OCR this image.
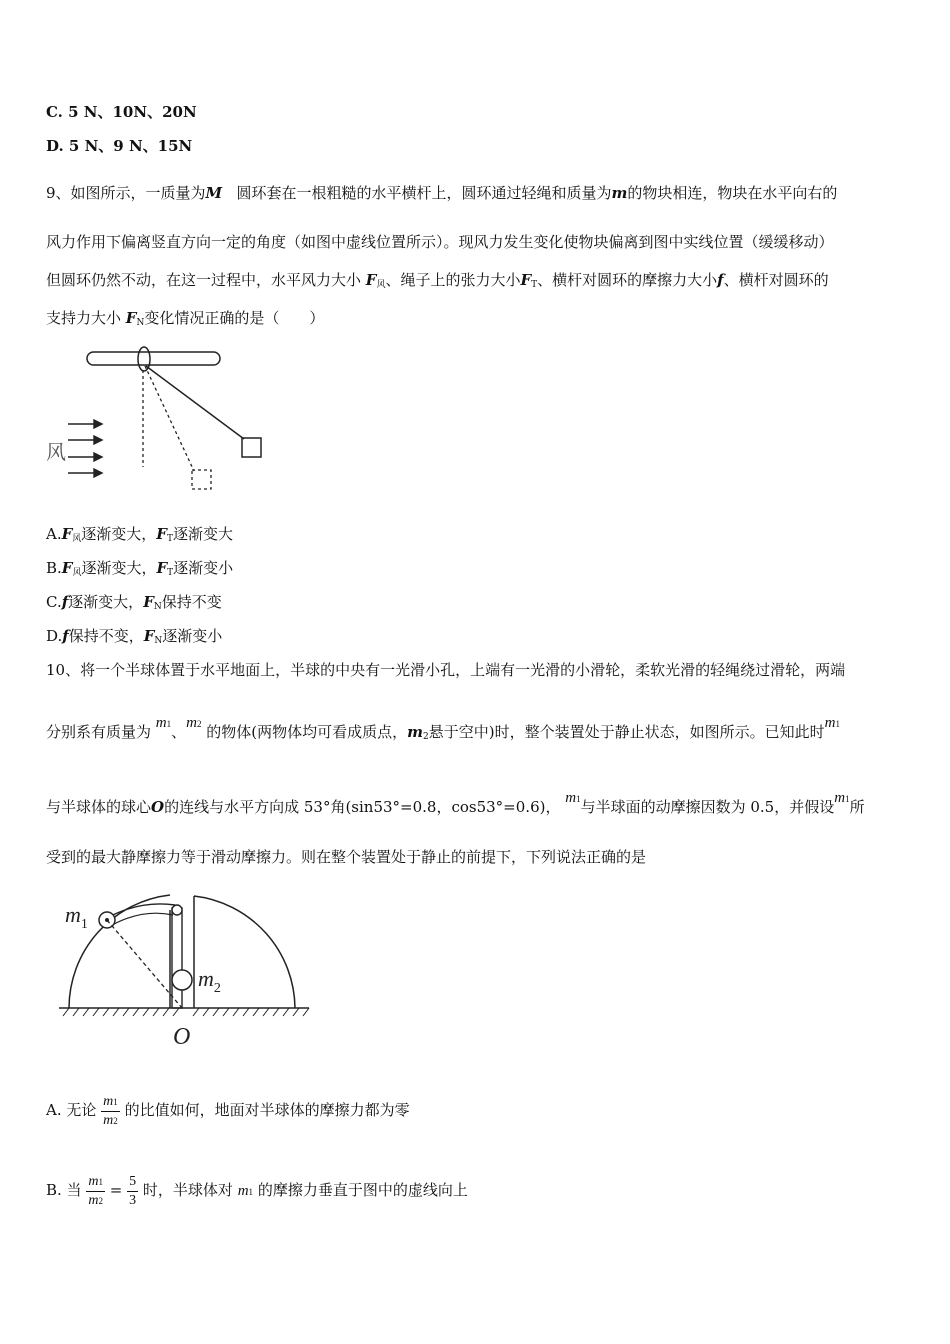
C. 5 N、10N、20N
D. 5 N、9 N、15N
9、如图所示，一质量为M 圆环套在一根粗糙的水平横杆上，圆环通过轻绳和质量为m的物块相连，物块在水平向右的
风力作用下偏离竖直方向一定的角度（如图中虚线位置所示）。现风力发生变化使物块偏离到图中实线位置（缓缓移动）
但圆环仍然不动，在这一过程中，水平风力大小 $F_风$、绳子上的张力大小$F_T$、横杆对圆环的摩擦力大小f、横杆对圆环的
支持力大小 $F_N$变化情况正确的是（　　）
风
$A.F_风$逐渐变大，$F_T$逐渐变大
$B.F_风$逐渐变大，$F_T$逐渐变小
C.f逐渐变大，$F_N$保持不变
D.f保持不变，$F_N$逐渐变小
10、将一个半球体置于水平地面上，半球的中央有一光滑小孔，上端有一光滑的小滑轮，柔软光滑的轻绳绕过滑轮，两端
分别系有质量为 m1、m2 的物体(两物体均可看成质点，$m_2$悬于空中)时，整个装置处于静止状态，如图所示。已知此时m1
与半球体的球心O的连线与水平方向成 53°角(sin53°=0.8，cos53°=0.6)， m1与半球面的动摩擦因数为 0.5，并假设m1所
受到的最大静摩擦力等于滑动摩擦力。则在整个装置处于静止的前提下，下列说法正确的是
$m_1$
$m_2$
O
A. 无论 $\frac{m1}{m2}$ 的比值如何，地面对半球体的摩擦力都为零
B. 当 $\frac{m1}{m2} = \frac{5}{3}$ 时，半球体对 m1 的摩擦力垂直于图中的虚线向上
